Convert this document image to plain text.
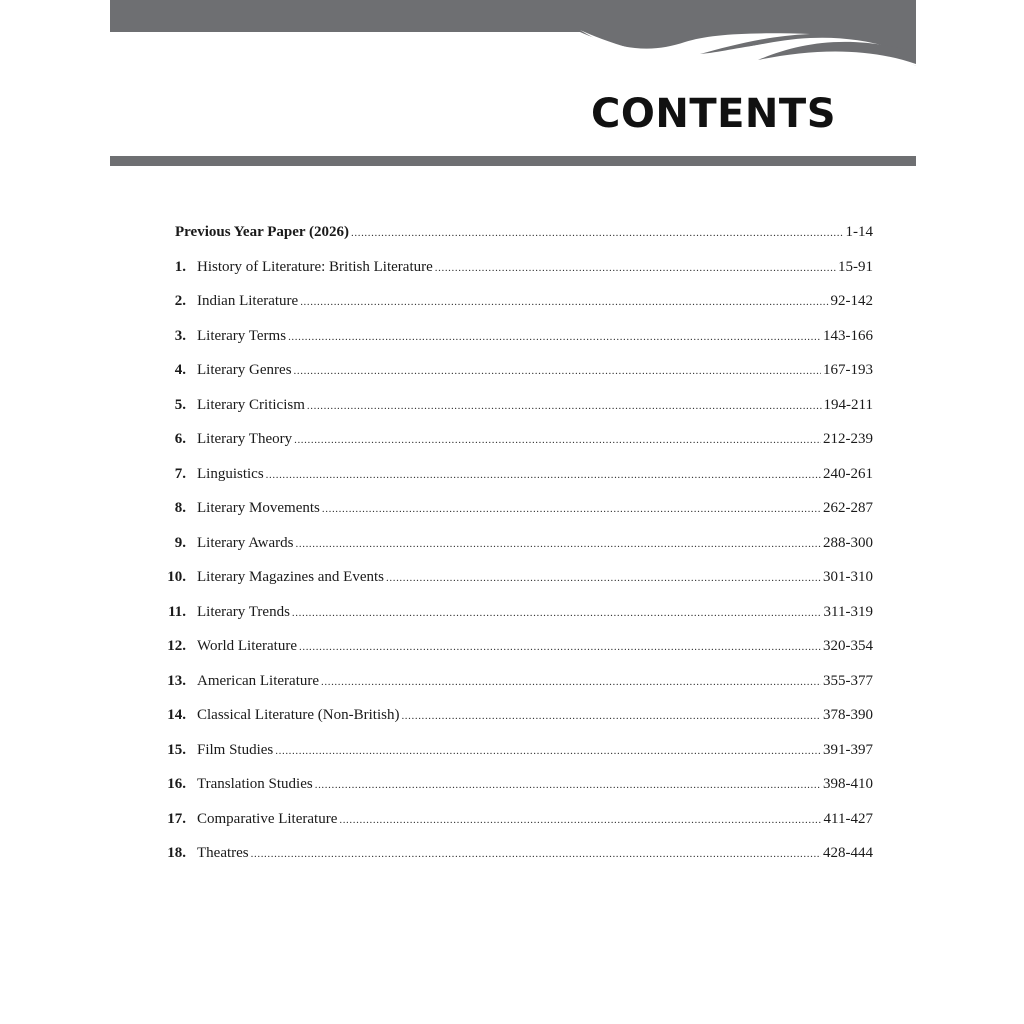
CONTENTS
Previous Year Paper (2026) .....	1-14
1. History of Literature: British Literature .....	15-91
2. Indian Literature .....	92-142
3. Literary Terms .....	143-166
4. Literary Genres .....	167-193
5. Literary Criticism .....	194-211
6. Literary Theory .....	212-239
7. Linguistics .....	240-261
8. Literary Movements .....	262-287
9. Literary Awards .....	288-300
10. Literary Magazines and Events .....	301-310
11. Literary Trends .....	311-319
12. World Literature .....	320-354
13. American Literature .....	355-377
14. Classical Literature (Non-British) .....	378-390
15. Film Studies .....	391-397
16. Translation Studies .....	398-410
17. Comparative Literature .....	411-427
18. Theatres .....	428-444
